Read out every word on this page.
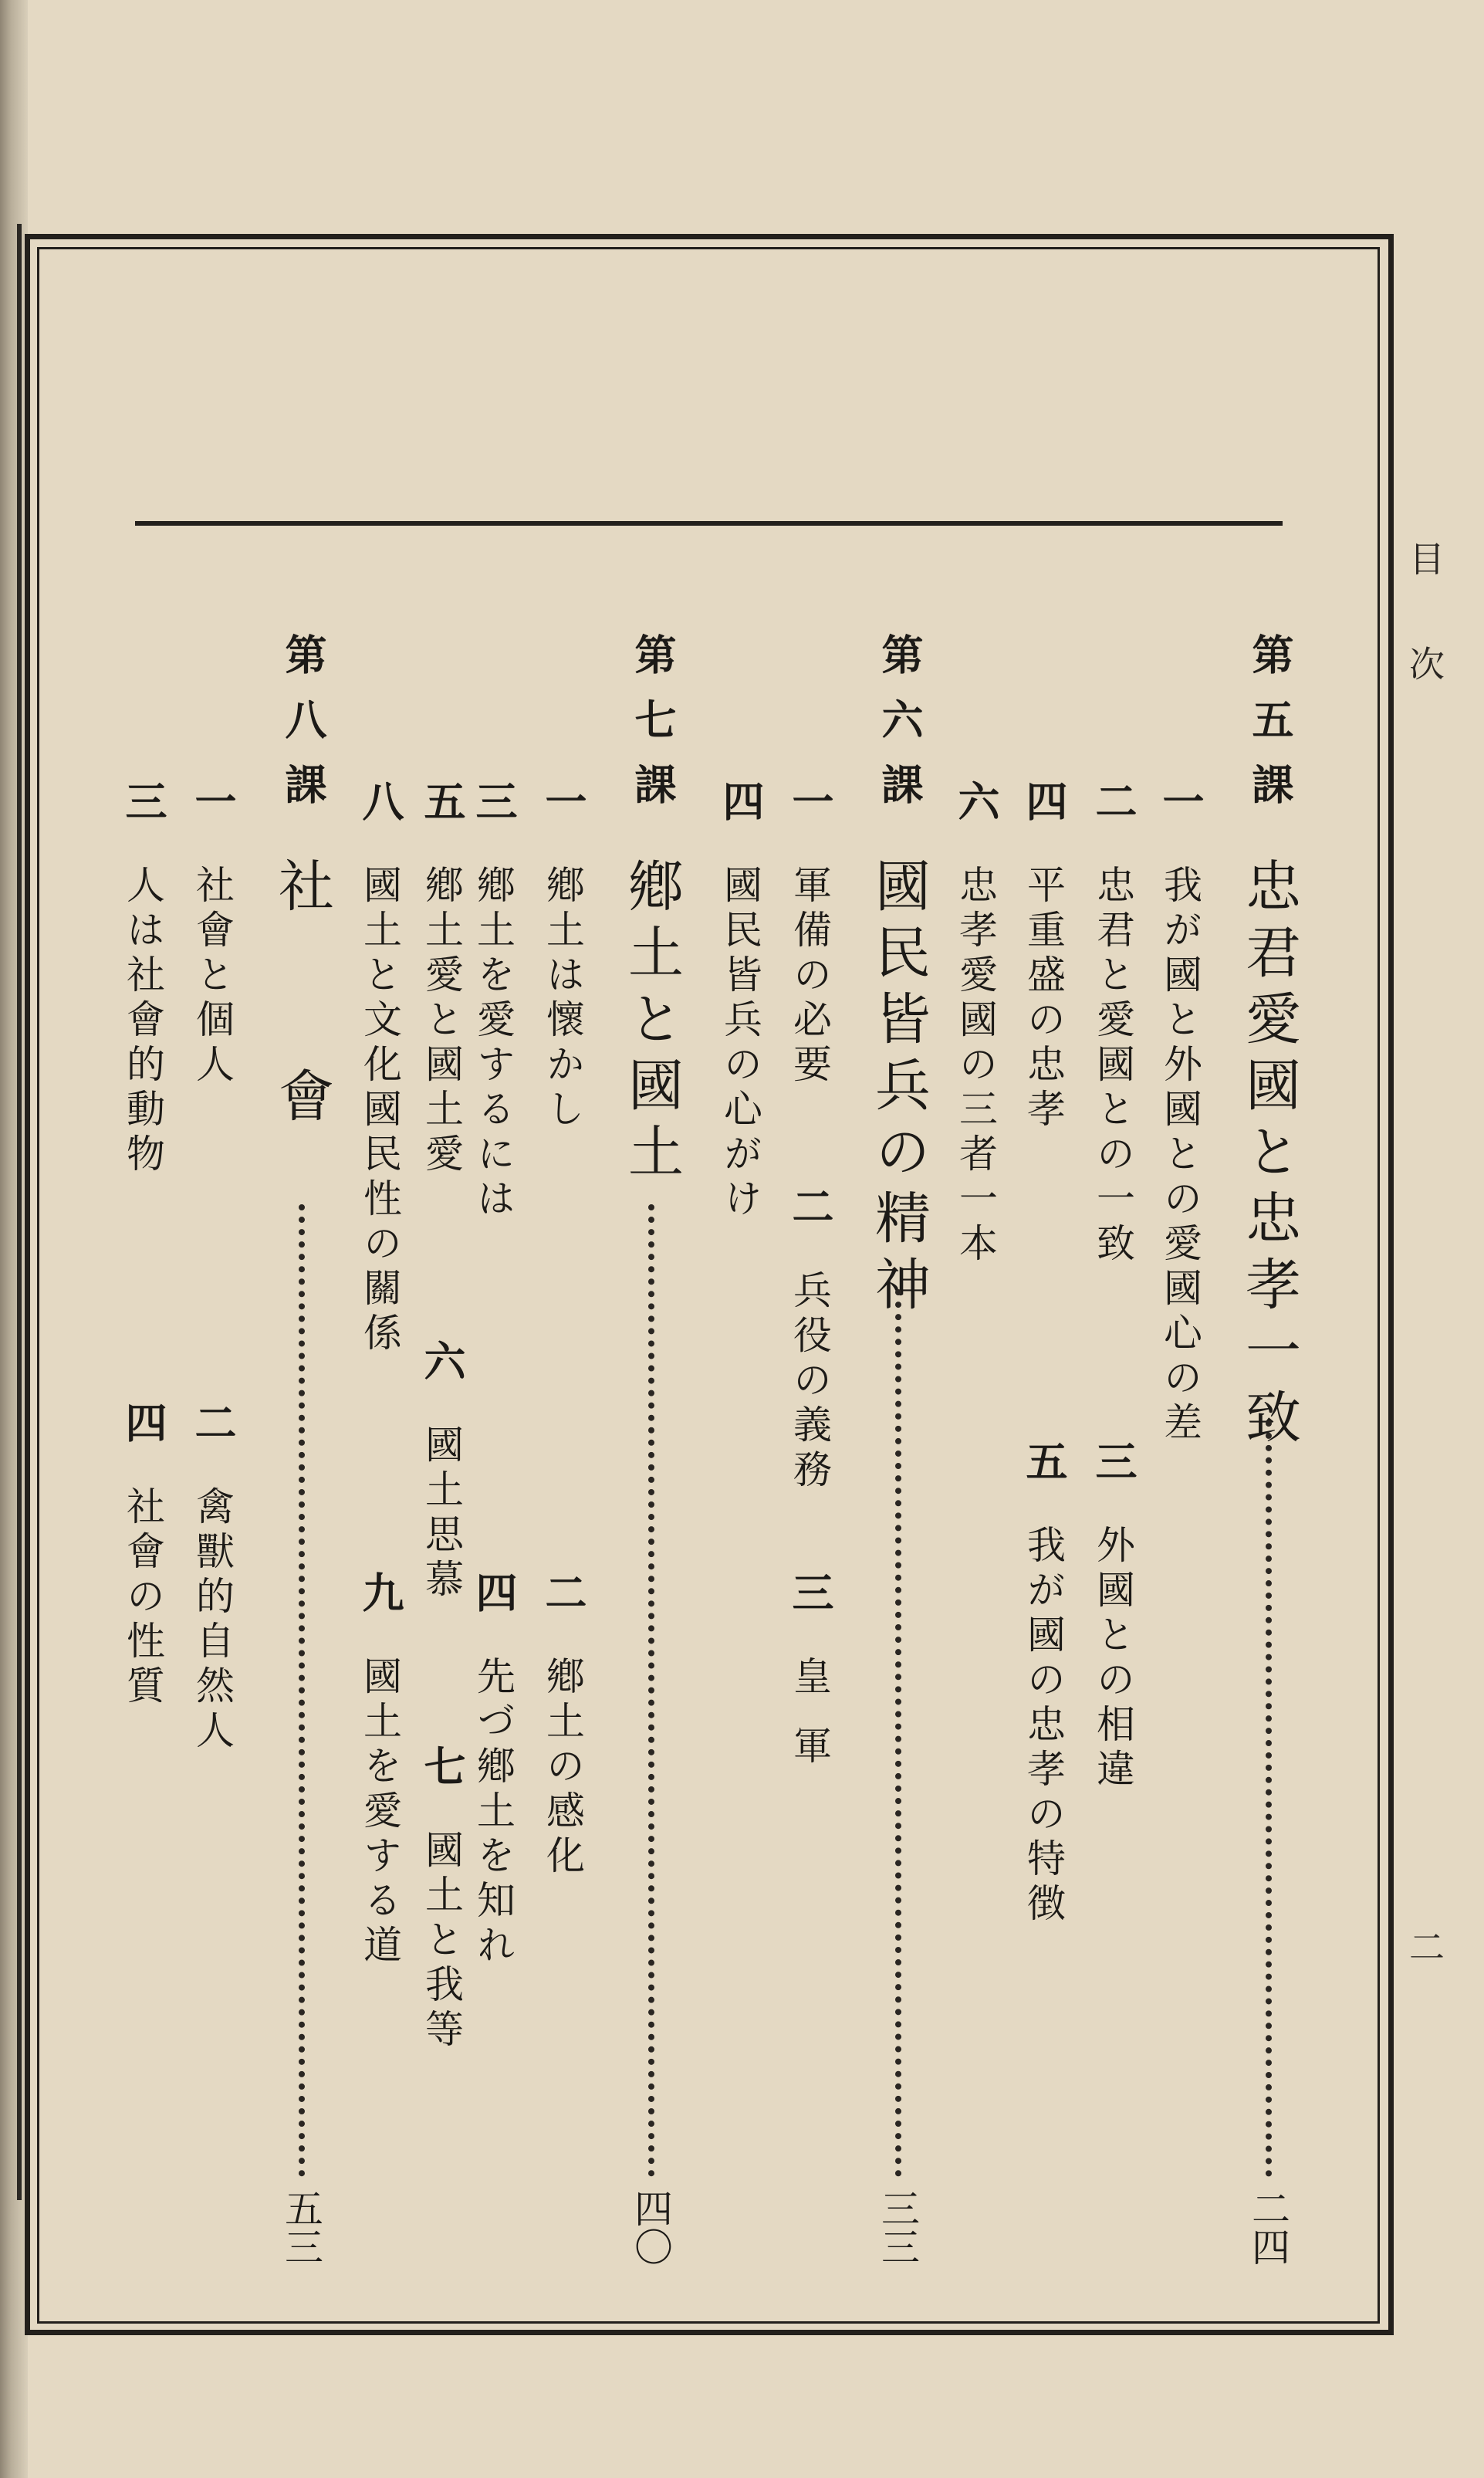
目次
二
第五課
忠君愛國と忠孝一致
二四
一
我が國と外國との愛國心の差
二
忠君と愛國との一致
三
外國との相違
四
平重盛の忠孝
五
我が國の忠孝の特徴
六
忠孝愛國の三者一本
第六課
國民皆兵の精神
三三
一
軍備の必要
二
兵役の義務
三
皇軍
四
國民皆兵の心がけ
第七課
鄕土と國土
四〇
一
鄕土は懷かし
二
鄕土の感化
三
鄕土を愛するには
四
先づ鄕土を知れ
五
鄕土愛と國土愛
六
國土思慕
七
國土と我等
八
國土と文化國民性の關係
九
國土を愛する道
第八課
社會
五三
一
社會と個人
二
禽獸的自然人
三
人は社會的動物
四
社會の性質
